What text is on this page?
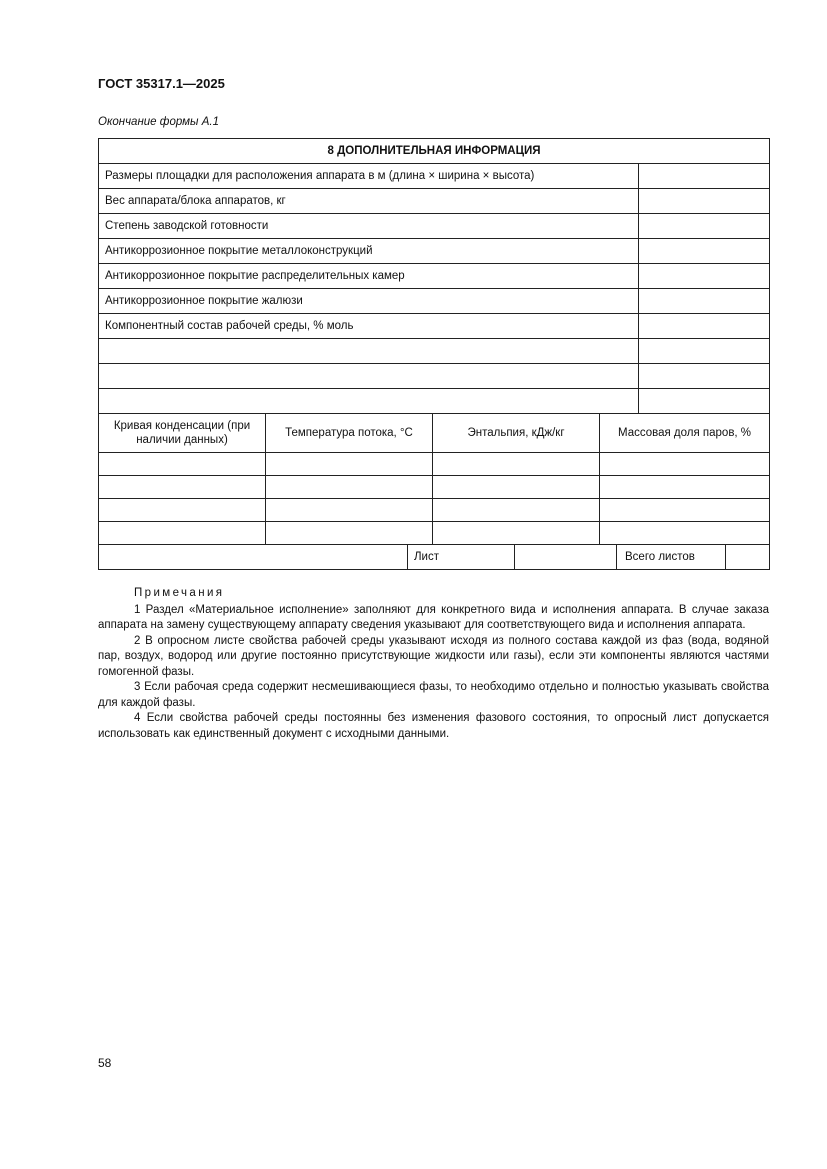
ГОСТ 35317.1—2025
Окончание формы А.1
8 ДОПОЛНИТЕЛЬНАЯ ИНФОРМАЦИЯ				
Размеры площадки для расположения аппарата в м (длина × ширина × высота)				
Вес аппарата/блока аппаратов, кг				
Степень заводской готовности				
Антикоррозионное покрытие металлоконструкций				
Антикоррозионное покрытие распределительных камер				
Антикоррозионное покрытие жалюзи				
Компонентный состав рабочей среды, % моль				

Кривая конденсации (при наличии данных)	Температура потока, °С	Энтальпия, кДж/кг	Массовая доля паров, %	

Лист Всего листов				
Примечания

1 Раздел «Материальное исполнение» заполняют для конкретного вида и исполнения аппарата. В случае заказа аппарата на замену существующему аппарату сведения указывают для соответствующего вида и исполнения аппарата.

2 В опросном листе свойства рабочей среды указывают исходя из полного состава каждой из фаз (вода, водяной пар, воздух, водород или другие постоянно присутствующие жидкости или газы), если эти компоненты являются частями гомогенной фазы.

3 Если рабочая среда содержит несмешивающиеся фазы, то необходимо отдельно и полностью указывать свойства для каждой фазы.

4 Если свойства рабочей среды постоянны без изменения фазового состояния, то опросный лист допускается использовать как единственный документ с исходными данными.

58
